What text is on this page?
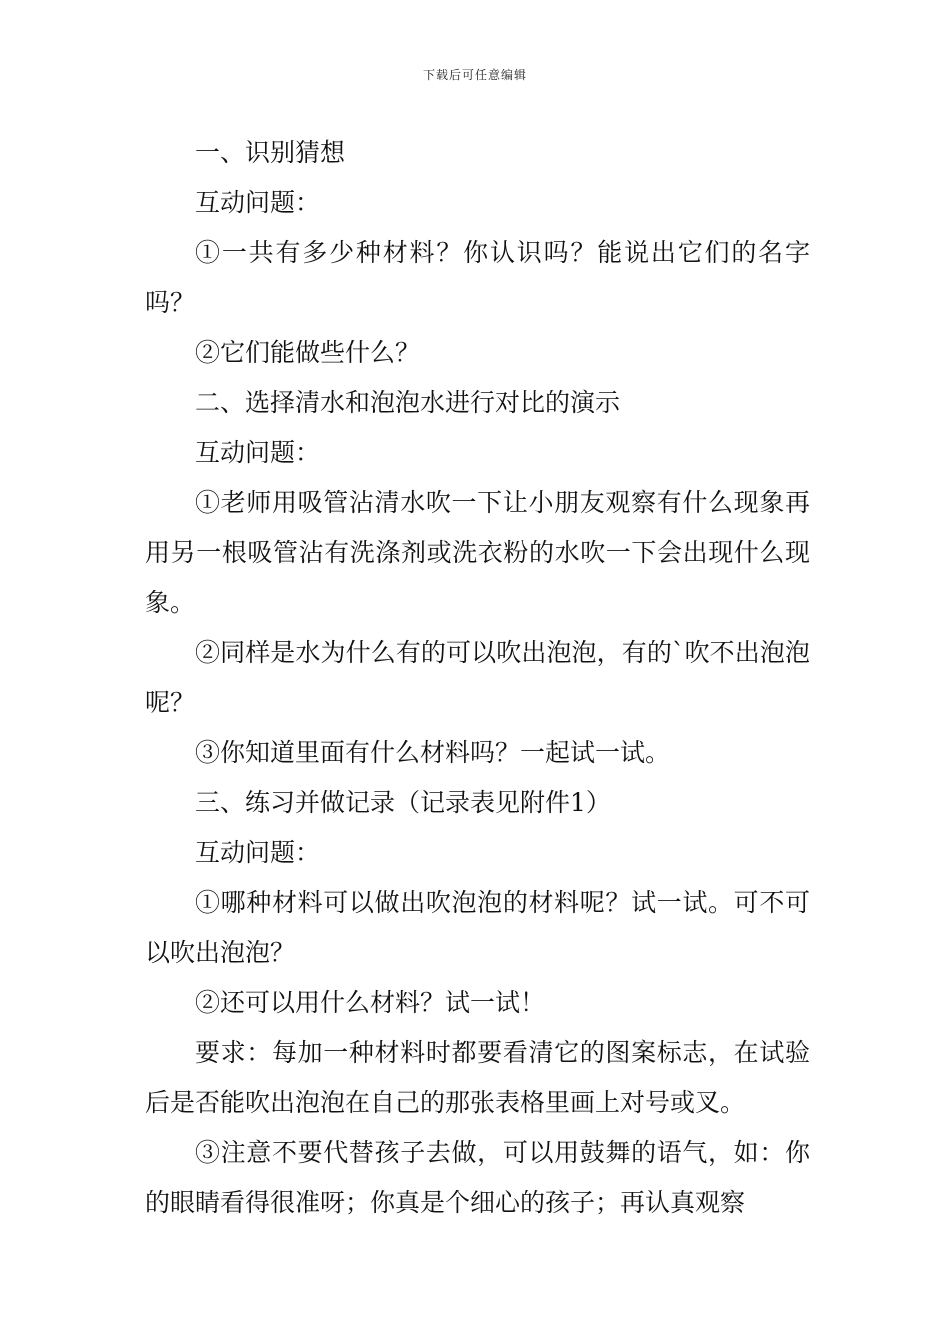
下载后可任意编辑

一、识别猜想

互动问题：

①一共有多少种材料？你认识吗？能说出它们的名字吗？

②它们能做些什么？

二、选择清水和泡泡水进行对比的演示

互动问题：

①老师用吸管沾清水吹一下让小朋友观察有什么现象再用另一根吸管沾有洗涤剂或洗衣粉的水吹一下会出现什么现象。

②同样是水为什么有的可以吹出泡泡，有的`吹不出泡泡呢？

③你知道里面有什么材料吗？一起试一试。

三、练习并做记录（记录表见附件1）

互动问题：

①哪种材料可以做出吹泡泡的材料呢？试一试。可不可以吹出泡泡？

②还可以用什么材料？试一试！

要求：每加一种材料时都要看清它的图案标志，在试验后是否能吹出泡泡在自己的那张表格里画上对号或叉。

③注意不要代替孩子去做，可以用鼓舞的语气，如：你的眼睛看得很准呀；你真是个细心的孩子；再认真观察
